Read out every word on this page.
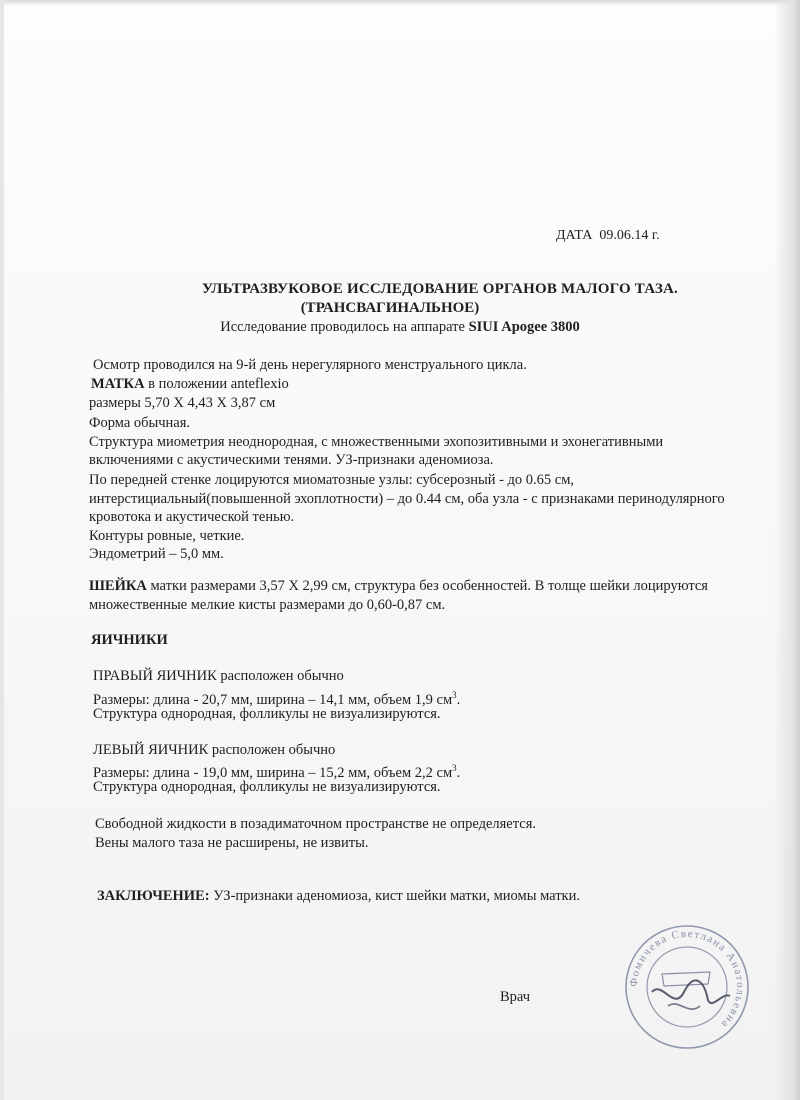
ДАТА 09.06.14 г.
УЛЬТРАЗВУКОВОЕ ИССЛЕДОВАНИЕ ОРГАНОВ МАЛОГО ТАЗА.
(ТРАНСВАГИНАЛЬНОЕ)
Исследование проводилось на аппарате SIUI Apogee 3800
Осмотр проводился на 9-й день нерегулярного менструального цикла.
МАТКА в положении anteflexio
размеры 5,70 Х 4,43 Х 3,87 см
Форма обычная.
Структура миометрия неоднородная, с множественными эхопозитивными и эхонегативными
включениями с акустическими тенями. УЗ-признаки аденомиоза.
По передней стенке лоцируются миоматозные узлы: субсерозный - до 0.65 см,
интерстициальный(повышенной эхоплотности) – до 0.44 см, оба узла - с признаками перинодулярного
кровотока и акустической тенью.
Контуры ровные, четкие.
Эндометрий – 5,0 мм.
ШЕЙКА матки размерами 3,57 Х 2,99 см, структура без особенностей. В толще шейки лоцируются
множественные мелкие кисты размерами до 0,60-0,87 см.
ЯИЧНИКИ
ПРАВЫЙ ЯИЧНИК расположен обычно
Размеры: длина - 20,7 мм, ширина – 14,1 мм, объем 1,9 $см^3$.
Структура однородная, фолликулы не визуализируются.
ЛЕВЫЙ ЯИЧНИК расположен обычно
Размеры: длина - 19,0 мм, ширина – 15,2 мм, объем 2,2 $см^3$.
Структура однородная, фолликулы не визуализируются.
Свободной жидкости в позадиматочном пространстве не определяется.
Вены малого таза не расширены, не извиты.
ЗАКЛЮЧЕНИЕ: УЗ-признаки аденомиоза, кист шейки матки, миомы матки.
Врач
Фомичева Светлана Анатольевна
